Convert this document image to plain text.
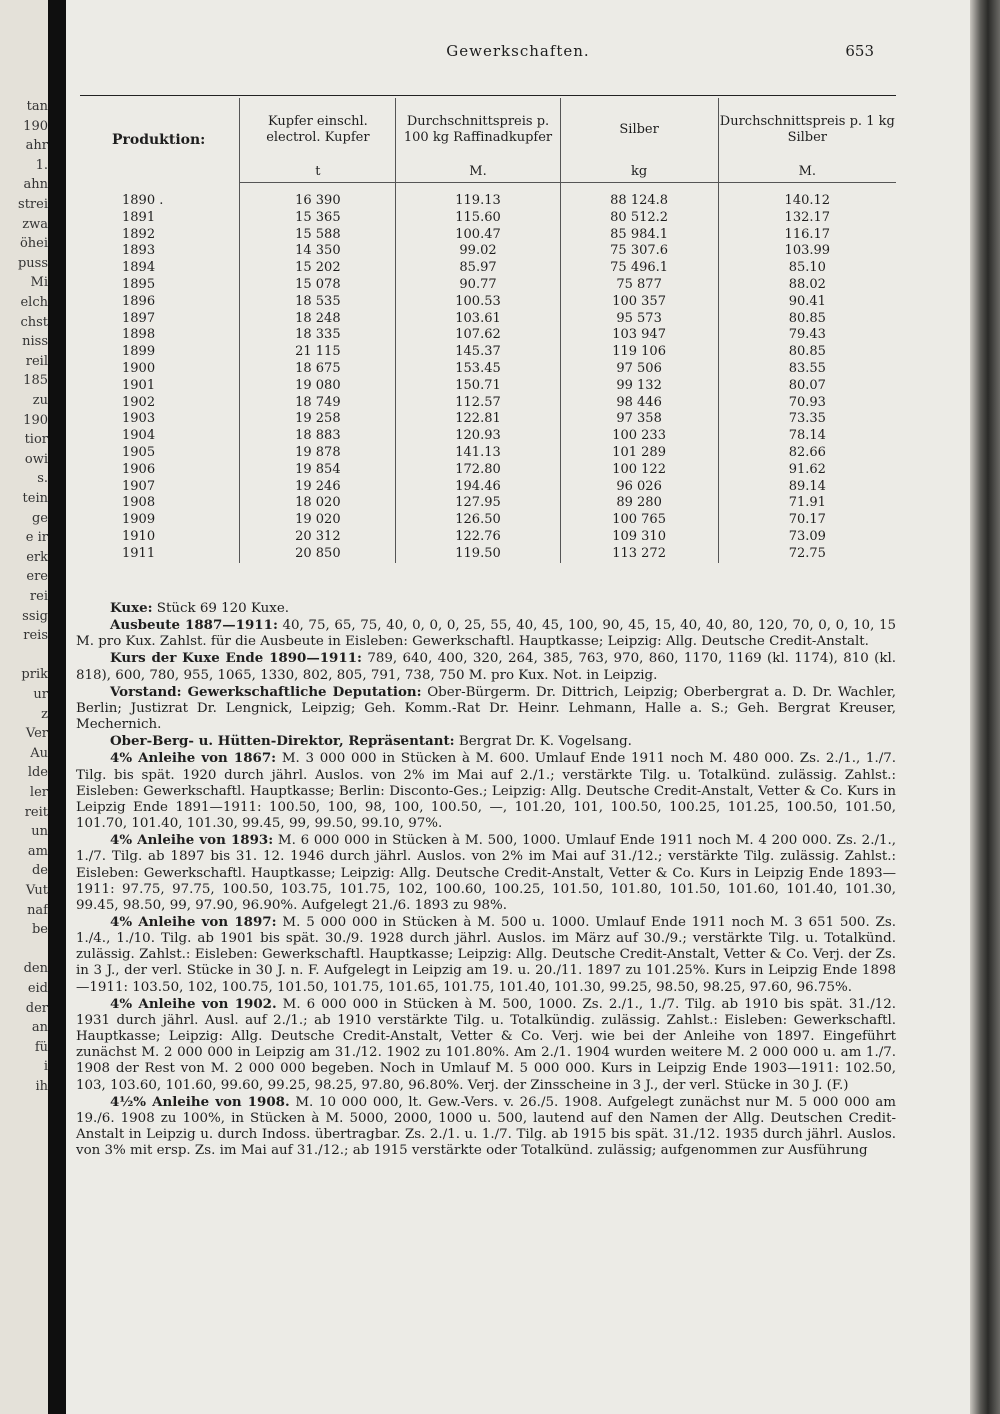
tan
190
ahr
1.
ahn
strei
zwa
öhei
puss
Mi
elch
chst
niss
reil
185
zu
190
tior
owi
s.
tein
ge
e ir
erk
ere
rei
ssig
reis
prik
ur
z
Ver
Au
lde
ler
reit
un
am
de
Vut
naf
be
den
eid
der
an
fü
i
ih
Gewerkschaften.	653
Produktion:	Kupfer einschl. electrol. Kupfer	Durchschnittspreis p. 100 kg Raffinadkupfer	Silber	Durchschnittspreis p. 1 kg Silber
	t	M.	kg	M.
1890 .	16 390	119.13	88 124.8	140.12
1891	15 365	115.60	80 512.2	132.17
1892	15 588	100.47	85 984.1	116.17
1893	14 350	99.02	75 307.6	103.99
1894	15 202	85.97	75 496.1	85.10
1895	15 078	90.77	75 877	88.02
1896	18 535	100.53	100 357	90.41
1897	18 248	103.61	95 573	80.85
1898	18 335	107.62	103 947	79.43
1899	21 115	145.37	119 106	80.85
1900	18 675	153.45	97 506	83.55
1901	19 080	150.71	99 132	80.07
1902	18 749	112.57	98 446	70.93
1903	19 258	122.81	97 358	73.35
1904	18 883	120.93	100 233	78.14
1905	19 878	141.13	101 289	82.66
1906	19 854	172.80	100 122	91.62
1907	19 246	194.46	96 026	89.14
1908	18 020	127.95	89 280	71.91
1909	19 020	126.50	100 765	70.17
1910	20 312	122.76	109 310	73.09
1911	20 850	119.50	113 272	72.75

Kuxe: Stück 69 120 Kuxe.

Ausbeute 1887—1911: 40, 75, 65, 75, 40, 0, 0, 0, 25, 55, 40, 45, 100, 90, 45, 15, 40, 40, 80, 120, 70, 0, 0, 10, 15 M. pro Kux. Zahlst. für die Ausbeute in Eisleben: Gewerkschaftl. Hauptkasse; Leipzig: Allg. Deutsche Credit-Anstalt.

Kurs der Kuxe Ende 1890—1911: 789, 640, 400, 320, 264, 385, 763, 970, 860, 1170, 1169 (kl. 1174), 810 (kl. 818), 600, 780, 955, 1065, 1330, 802, 805, 791, 738, 750 M. pro Kux. Not. in Leipzig.

Vorstand: Gewerkschaftliche Deputation: Ober-Bürgerm. Dr. Dittrich, Leipzig; Oberbergrat a. D. Dr. Wachler, Berlin; Justizrat Dr. Lengnick, Leipzig; Geh. Komm.-Rat Dr. Heinr. Lehmann, Halle a. S.; Geh. Bergrat Kreuser, Mechernich.

Ober-Berg- u. Hütten-Direktor, Repräsentant: Bergrat Dr. K. Vogelsang.

4% Anleihe von 1867: M. 3 000 000 in Stücken à M. 600. Umlauf Ende 1911 noch M. 480 000. Zs. 2./1., 1./7. Tilg. bis spät. 1920 durch jährl. Auslos. von 2% im Mai auf 2./1.; verstärkte Tilg. u. Totalkünd. zulässig. Zahlst.: Eisleben: Gewerkschaftl. Hauptkasse; Berlin: Disconto-Ges.; Leipzig: Allg. Deutsche Credit-Anstalt, Vetter & Co. Kurs in Leipzig Ende 1891—1911: 100.50, 100, 98, 100, 100.50, —, 101.20, 101, 100.50, 100.25, 101.25, 100.50, 101.50, 101.70, 101.40, 101.30, 99.45, 99, 99.50, 99.10, 97%.

4% Anleihe von 1893: M. 6 000 000 in Stücken à M. 500, 1000. Umlauf Ende 1911 noch M. 4 200 000. Zs. 2./1., 1./7. Tilg. ab 1897 bis 31. 12. 1946 durch jährl. Auslos. von 2% im Mai auf 31./12.; verstärkte Tilg. zulässig. Zahlst.: Eisleben: Gewerkschaftl. Hauptkasse; Leipzig: Allg. Deutsche Credit-Anstalt, Vetter & Co. Kurs in Leipzig Ende 1893—1911: 97.75, 97.75, 100.50, 103.75, 101.75, 102, 100.60, 100.25, 101.50, 101.80, 101.50, 101.60, 101.40, 101.30, 99.45, 98.50, 99, 97.90, 96.90%. Aufgelegt 21./6. 1893 zu 98%.

4% Anleihe von 1897: M. 5 000 000 in Stücken à M. 500 u. 1000. Umlauf Ende 1911 noch M. 3 651 500. Zs. 1./4., 1./10. Tilg. ab 1901 bis spät. 30./9. 1928 durch jährl. Auslos. im März auf 30./9.; verstärkte Tilg. u. Totalkünd. zulässig. Zahlst.: Eisleben: Gewerkschaftl. Hauptkasse; Leipzig: Allg. Deutsche Credit-Anstalt, Vetter & Co. Verj. der Zs. in 3 J., der verl. Stücke in 30 J. n. F. Aufgelegt in Leipzig am 19. u. 20./11. 1897 zu 101.25%. Kurs in Leipzig Ende 1898—1911: 103.50, 102, 100.75, 101.50, 101.75, 101.65, 101.75, 101.40, 101.30, 99.25, 98.50, 98.25, 97.60, 96.75%.

4% Anleihe von 1902. M. 6 000 000 in Stücken à M. 500, 1000. Zs. 2./1., 1./7. Tilg. ab 1910 bis spät. 31./12. 1931 durch jährl. Ausl. auf 2./1.; ab 1910 verstärkte Tilg. u. Totalkündig. zulässig. Zahlst.: Eisleben: Gewerkschaftl. Hauptkasse; Leipzig: Allg. Deutsche Credit-Anstalt, Vetter & Co. Verj. wie bei der Anleihe von 1897. Eingeführt zunächst M. 2 000 000 in Leipzig am 31./12. 1902 zu 101.80%. Am 2./1. 1904 wurden weitere M. 2 000 000 u. am 1./7. 1908 der Rest von M. 2 000 000 begeben. Noch in Umlauf M. 5 000 000. Kurs in Leipzig Ende 1903—1911: 102.50, 103, 103.60, 101.60, 99.60, 99.25, 98.25, 97.80, 96.80%. Verj. der Zinsscheine in 3 J., der verl. Stücke in 30 J. (F.)

4½% Anleihe von 1908. M. 10 000 000, lt. Gew.-Vers. v. 26./5. 1908. Aufgelegt zunächst nur M. 5 000 000 am 19./6. 1908 zu 100%, in Stücken à M. 5000, 2000, 1000 u. 500, lautend auf den Namen der Allg. Deutschen Credit-Anstalt in Leipzig u. durch Indoss. übertragbar. Zs. 2./1. u. 1./7. Tilg. ab 1915 bis spät. 31./12. 1935 durch jährl. Auslos. von 3% mit ersp. Zs. im Mai auf 31./12.; ab 1915 verstärkte oder Totalkünd. zulässig; aufgenommen zur Ausführung
